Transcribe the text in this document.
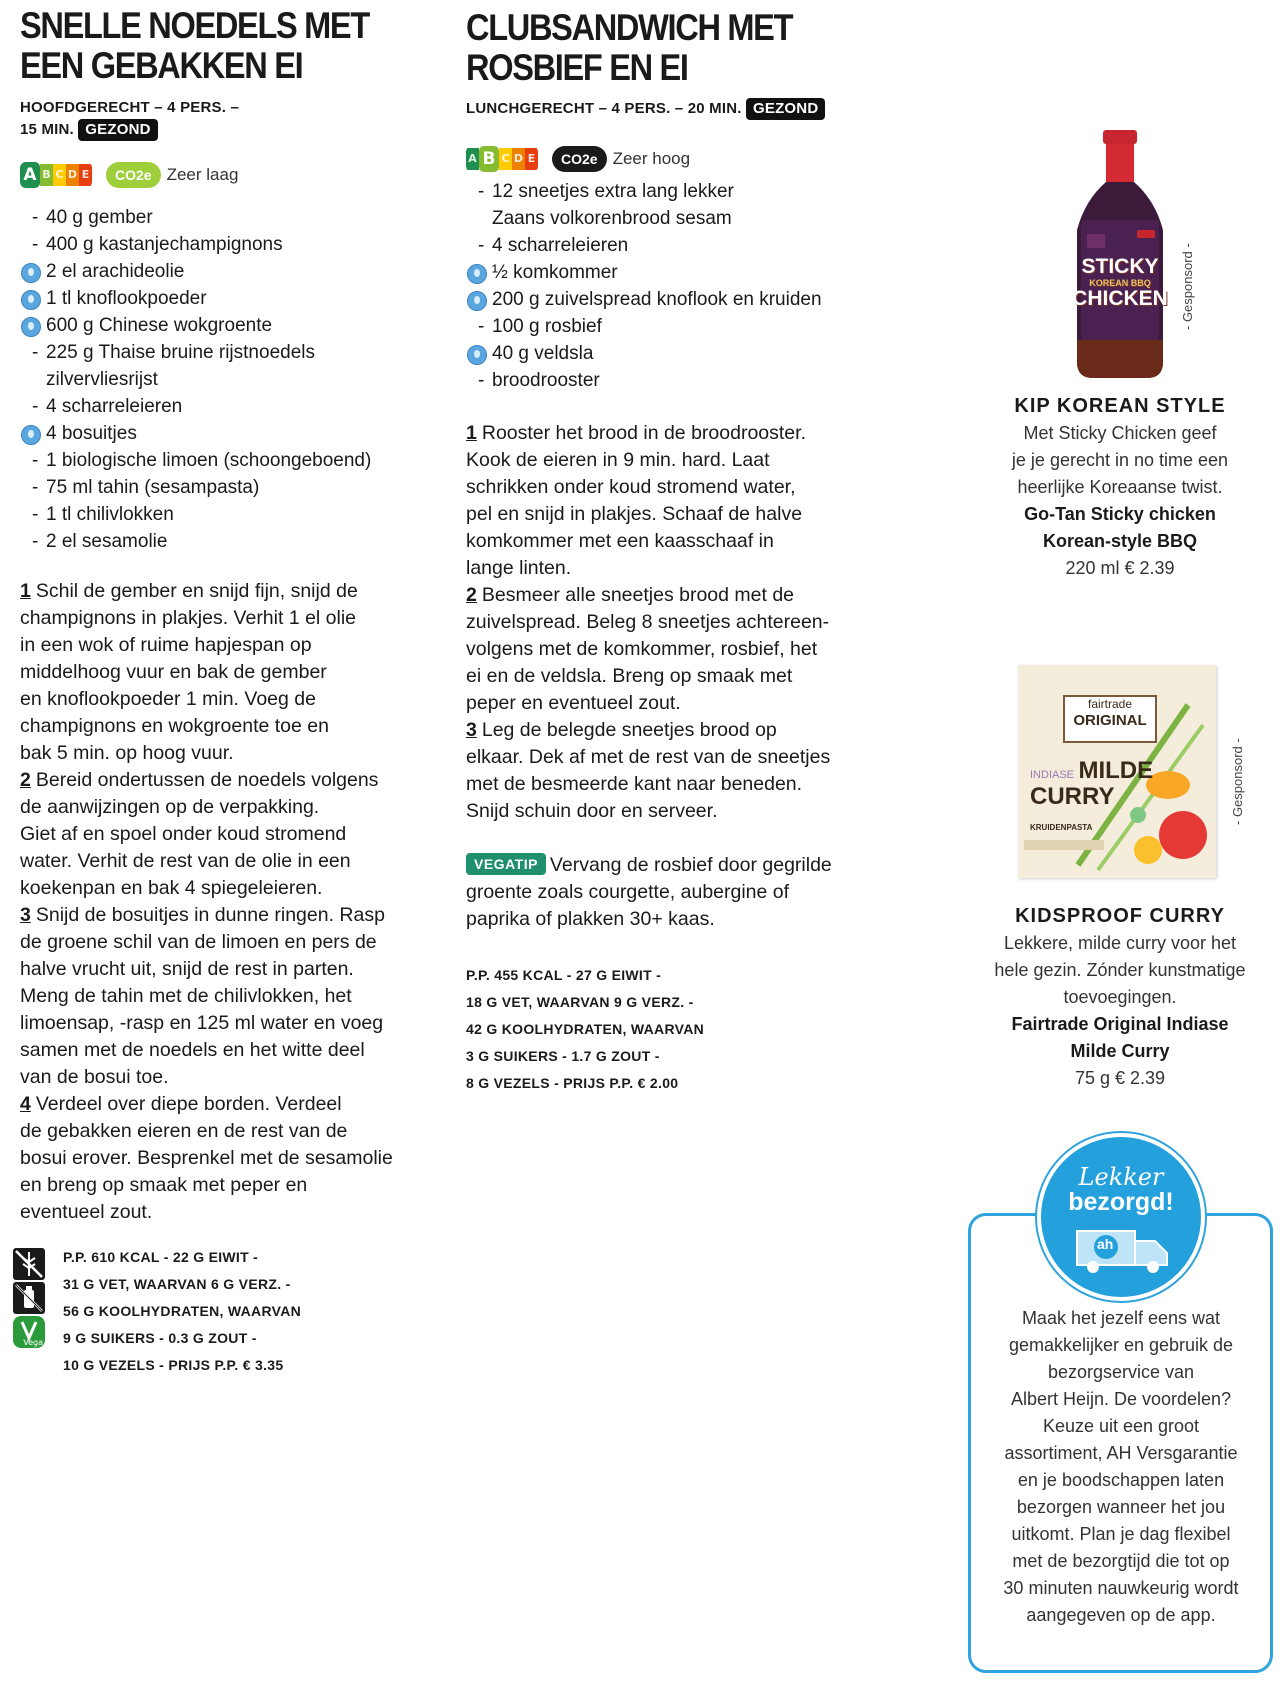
SNELLE NOEDELS MET
EEN GEBAKKEN EI
HOOFDGERECHT – 4 PERS. –
15 MIN. GEZOND
A B C D E	CO2e Zeer laag
- 40 g gember
- 400 g kastanjechampignons
2 el arachideolie
1 tl knoflookpoeder
600 g Chinese wokgroente
- 225 g Thaise bruine rijstnoedels
zilvervliesrijst
- 4 scharreleieren
4 bosuitjes
- 1 biologische limoen (schoongeboend)
- 75 ml tahin (sesampasta)
- 1 tl chilivlokken
- 2 el sesamolie

1 Schil de gember en snijd fijn, snijd de

champignons in plakjes. Verhit 1 el olie

in een wok of ruime hapjespan op

middelhoog vuur en bak de gember

en knoflookpoeder 1 min. Voeg de

champignons en wokgroente toe en

bak 5 min. op hoog vuur.

2 Bereid ondertussen de noedels volgens

de aanwijzingen op de verpakking.

Giet af en spoel onder koud stromend

water. Verhit de rest van de olie in een

koekenpan en bak 4 spiegeleieren.

3 Snijd de bosuitjes in dunne ringen. Rasp

de groene schil van de limoen en pers de

halve vrucht uit, snijd de rest in parten.

Meng de tahin met de chilivlokken, het

limoensap, -rasp en 125 ml water en voeg

samen met de noedels en het witte deel

van de bosui toe.

4 Verdeel over diepe borden. Verdeel

de gebakken eieren en de rest van de

bosui erover. Besprenkel met de sesamolie

en breng op smaak met peper en

eventueel zout.

Vega
P.P. 610 KCAL - 22 G EIWIT -
31 G VET, WAARVAN 6 G VERZ. -
56 G KOOLHYDRATEN, WAARVAN
9 G SUIKERS - 0.3 G ZOUT -
10 G VEZELS - PRIJS P.P. € 3.35
CLUBSANDWICH MET
ROSBIEF EN EI
LUNCHGERECHT – 4 PERS. – 20 MIN. GEZOND
A B C D E	CO2e Zeer hoog
- 12 sneetjes extra lang lekker
Zaans volkorenbrood sesam
- 4 scharreleieren
½ komkommer
200 g zuivelspread knoflook en kruiden
- 100 g rosbief
40 g veldsla
- broodrooster

1 Rooster het brood in de broodrooster.

Kook de eieren in 9 min. hard. Laat

schrikken onder koud stromend water,

pel en snijd in plakjes. Schaaf de halve

komkommer met een kaasschaaf in

lange linten.

2 Besmeer alle sneetjes brood met de

zuivelspread. Beleg 8 sneetjes achtereen-

volgens met de komkommer, rosbief, het

ei en de veldsla. Breng op smaak met

peper en eventueel zout.

3 Leg de belegde sneetjes brood op

elkaar. Dek af met de rest van de sneetjes

met de besmeerde kant naar beneden.

Snijd schuin door en serveer.

VEGATIP Vervang de rosbief door gegrilde
groente zoals courgette, aubergine of
paprika of plakken 30+ kaas.
P.P. 455 KCAL - 27 G EIWIT -
18 G VET, WAARVAN 9 G VERZ. -
42 G KOOLHYDRATEN, WAARVAN
3 G SUIKERS - 1.7 G ZOUT -
8 G VEZELS - PRIJS P.P. € 2.00
STICKY
KOREAN BBQ
CHICKEN - Gesponsord -
KIP KOREAN STYLE
Met Sticky Chicken geef
je je gerecht in no time een
heerlijke Koreaanse twist.
Go-Tan Sticky chicken
Korean-style BBQ
220 ml € 2.39
fairtrade
ORIGINAL
INDIASE MILDE
CURRY
KRUIDENPASTA
- Gesponsord -
KIDSPROOF CURRY
Lekkere, milde curry voor het
hele gezin. Zónder kunstmatige
toevoegingen.
Fairtrade Original Indiase
Milde Curry
75 g € 2.39
Lekker
bezorgd!
ah
Maak het jezelf eens wat
gemakkelijker en gebruik de
bezorgservice van
Albert Heijn. De voordelen?
Keuze uit een groot
assortiment, AH Versgarantie
en je boodschappen laten
bezorgen wanneer het jou
uitkomt. Plan je dag flexibel
met de bezorgtijd die tot op
30 minuten nauwkeurig wordt
aangegeven op de app.
